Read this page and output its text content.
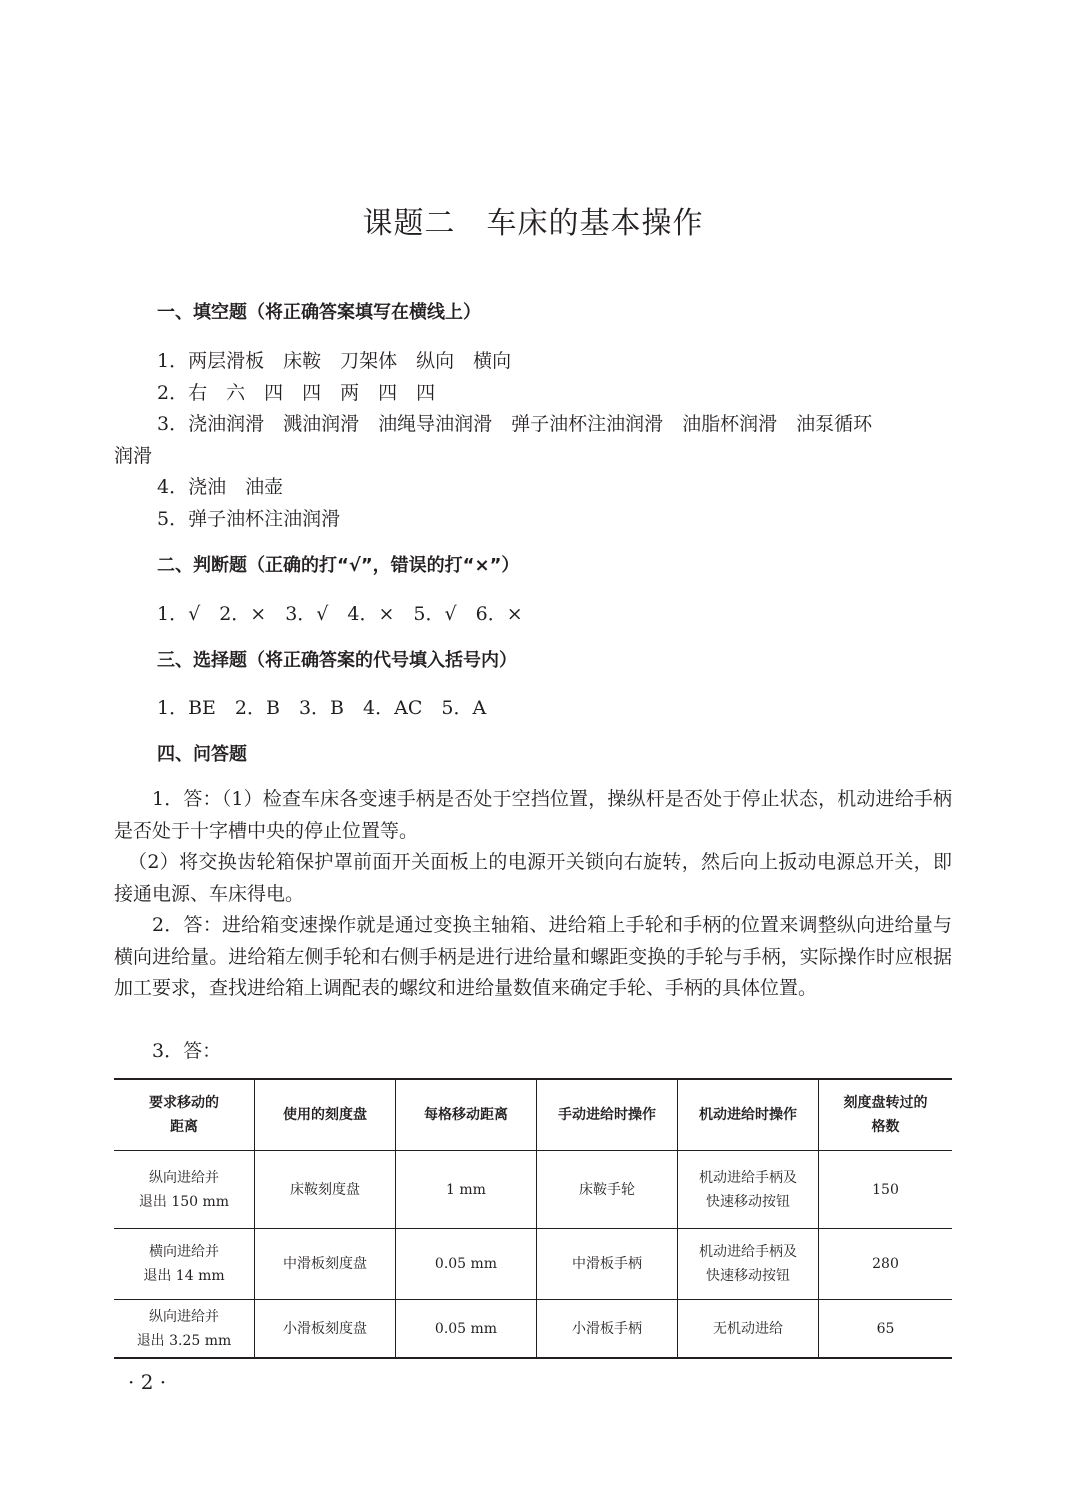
课题二　车床的基本操作
一、填空题（将正确答案填写在横线上）
1．两层滑板　床鞍　刀架体　纵向　横向
2．右　六　四　四　两　四　四
3．浇油润滑　溅油润滑　油绳导油润滑　弹子油杯注油润滑　油脂杯润滑　油泵循环
润滑
4．浇油　油壶
5．弹子油杯注油润滑
二、判断题（正确的打“√”，错误的打“×”）
1．√　2．×　3．√　4．×　5．√　6．×
三、选择题（将正确答案的代号填入括号内）
1．BE　2．B　3．B　4．AC　5．A
四、问答题
1．答：（1）检查车床各变速手柄是否处于空挡位置，操纵杆是否处于停止状态，机动进给手柄是否处于十字槽中央的停止位置等。
（2）将交换齿轮箱保护罩前面开关面板上的电源开关锁向右旋转，然后向上扳动电源总开关，即接通电源、车床得电。
2．答：进给箱变速操作就是通过变换主轴箱、进给箱上手轮和手柄的位置来调整纵向进给量与横向进给量。进给箱左侧手轮和右侧手柄是进行进给量和螺距变换的手轮与手柄，实际操作时应根据加工要求，查找进给箱上调配表的螺纹和进给量数值来确定手轮、手柄的具体位置。
3．答：
要求移动的
距离	使用的刻度盘	每格移动距离	手动进给时操作	机动进给时操作	刻度盘转过的
格数
纵向进给并
退出 150 mm	床鞍刻度盘	1 mm	床鞍手轮	机动进给手柄及
快速移动按钮	150
横向进给并
退出 14 mm	中滑板刻度盘	0.05 mm	中滑板手柄	机动进给手柄及
快速移动按钮	280
纵向进给并
退出 3.25 mm	小滑板刻度盘	0.05 mm	小滑板手柄	无机动进给	65
· 2 ·
